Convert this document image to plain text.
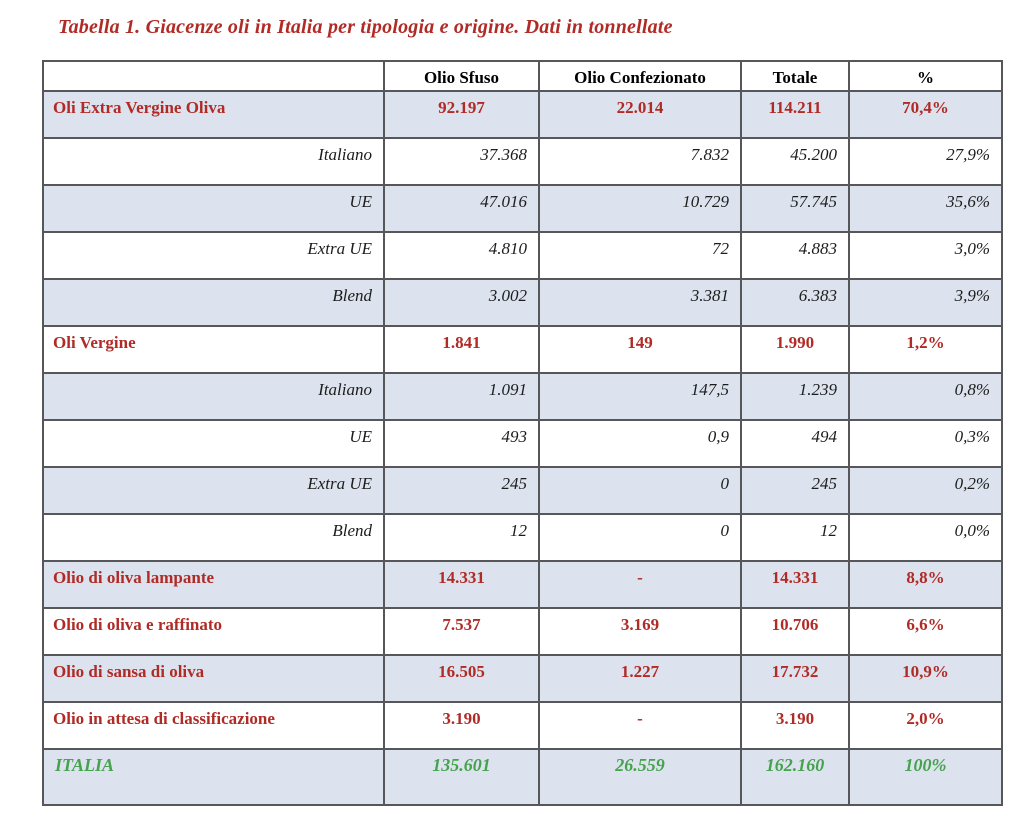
Tabella 1. Giacenze oli in Italia per tipologia e origine. Dati in tonnellate
	Olio Sfuso	Olio Confezionato	Totale	%
Oli Extra Vergine Oliva	92.197	22.014	114.211	70,4%
Italiano	37.368	7.832	45.200	27,9%
UE	47.016	10.729	57.745	35,6%
Extra UE	4.810	72	4.883	3,0%
Blend	3.002	3.381	6.383	3,9%
Oli Vergine	1.841	149	1.990	1,2%
Italiano	1.091	147,5	1.239	0,8%
UE	493	0,9	494	0,3%
Extra UE	245	0	245	0,2%
Blend	12	0	12	0,0%
Olio di oliva lampante	14.331	-	14.331	8,8%
Olio di oliva e raffinato	7.537	3.169	10.706	6,6%
Olio di sansa di oliva	16.505	1.227	17.732	10,9%
Olio in attesa di classificazione	3.190	-	3.190	2,0%
ITALIA	135.601	26.559	162.160	100%
